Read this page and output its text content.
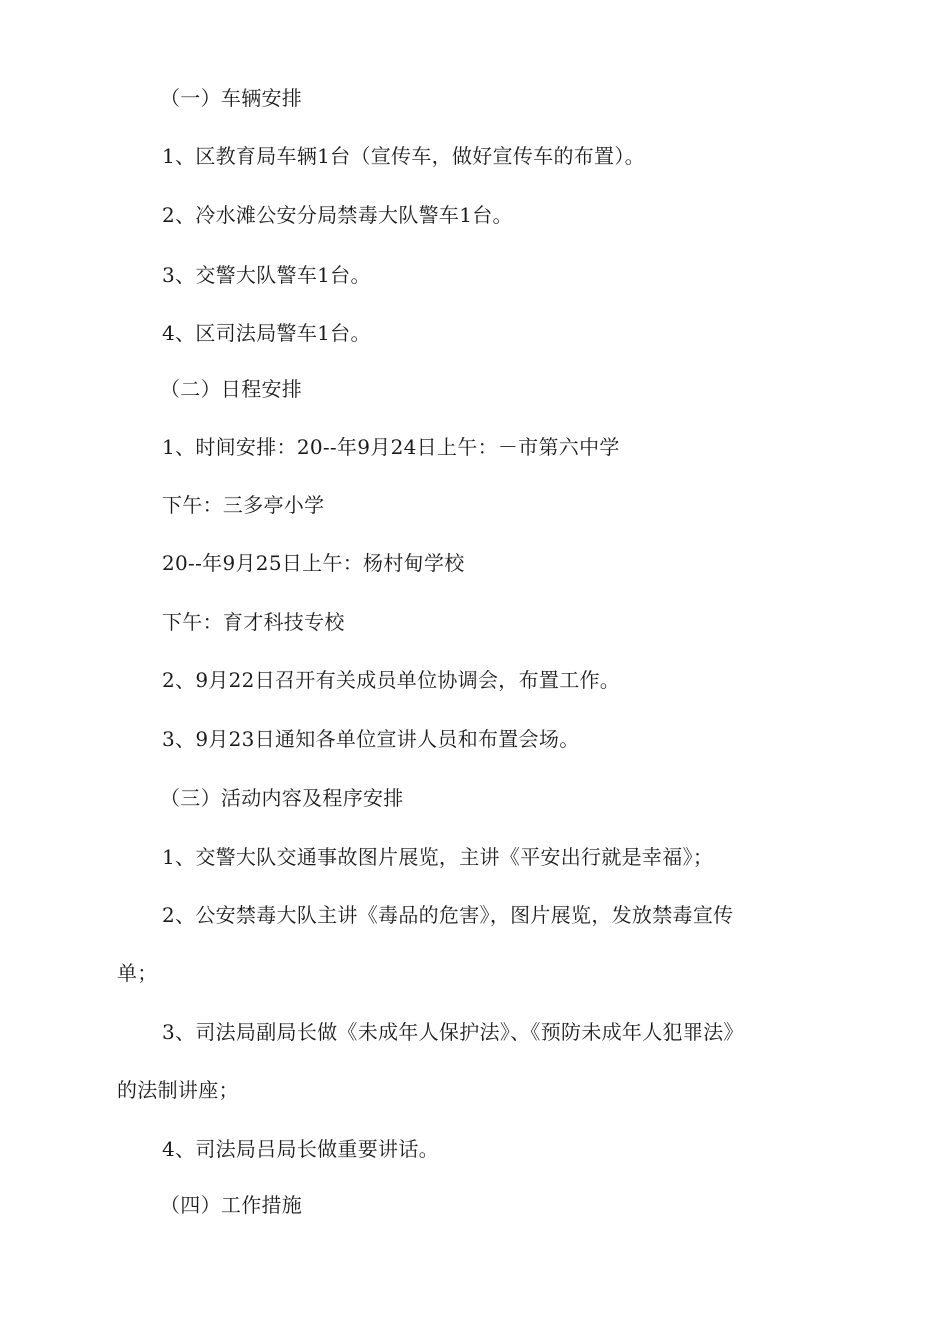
（一）车辆安排
1、区教育局车辆1台（宣传车，做好宣传车的布置）。
2、冷水滩公安分局禁毒大队警车1台。
3、交警大队警车1台。
4、区司法局警车1台。
（二）日程安排
1、时间安排：20--年9月24日上午：－市第六中学
下午：三多亭小学
20--年9月25日上午：杨村甸学校
下午：育才科技专校
2、9月22日召开有关成员单位协调会，布置工作。
3、9月23日通知各单位宣讲人员和布置会场。
（三）活动内容及程序安排
1、交警大队交通事故图片展览，主讲《平安出行就是幸福》；
2、公安禁毒大队主讲《毒品的危害》，图片展览，发放禁毒宣传
单；
3、司法局副局长做《未成年人保护法》、《预防未成年人犯罪法》
的法制讲座；
4、司法局吕局长做重要讲话。
（四）工作措施
